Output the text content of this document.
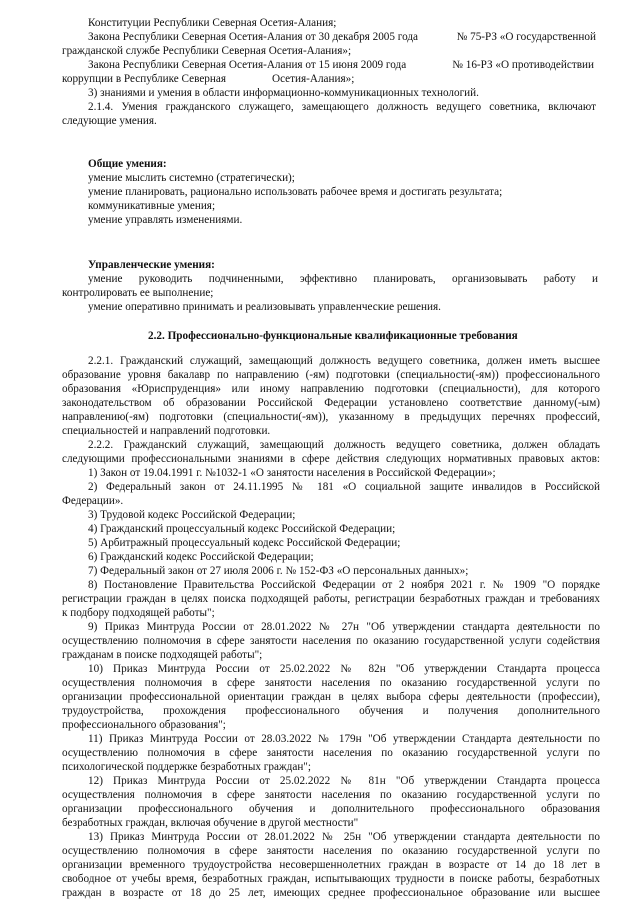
Конституции Республики Северная Осетия-Алания;
Закона Республики Северная Осетия-Алания от 30 декабря 2005 года	№ 75-РЗ «О государственной
гражданской службе Республики Северная Осетия-Алания»;
Закона Республики Северная Осетия-Алания от 15 июня 2009 года	№ 16-РЗ «О противодействии
коррупции в Республике Северная	Осетия-Алания»;
3) знаниями и умения в области информационно-коммуникационных технологий.
2.1.4. Умения гражданского служащего, замещающего должность ведущего советника, включают
следующие умения.
Общие умения:
умение мыслить системно (стратегически);
умение планировать, рационально использовать рабочее время и достигать результата;
коммуникативные умения;
умение управлять изменениями.
Управленческие умения:
умение руководить подчиненными, эффективно планировать, организовывать работу и
контролировать ее выполнение;
умение оперативно принимать и реализовывать управленческие решения.
2.2. Профессионально-функциональные квалификационные требования
2.2.1. Гражданский служащий, замещающий должность ведущего советника, должен иметь высшее
образование уровня бакалавр по направлению (-ям) подготовки (специальности(-ям)) профессионального
образования «Юриспруденция» или иному направлению подготовки (специальности), для которого
законодательством об образовании Российской Федерации установлено соответствие данному(-ым)
направлению(-ям) подготовки (специальности(-ям)), указанному в предыдущих перечнях профессий,
специальностей и направлений подготовки.
2.2.2. Гражданский служащий, замещающий должность ведущего советника, должен обладать
следующими профессиональными знаниями в сфере действия следующих нормативных правовых актов:
1) Закон от 19.04.1991 г. №1032-1 «О занятости населения в Российской Федерации»;
2) Федеральный закон от 24.11.1995 № 181 «О социальной защите инвалидов в Российской
Федерации».
3) Трудовой кодекс Российской Федерации;
4) Гражданский процессуальный кодекс Российской Федерации;
5) Арбитражный процессуальный кодекс Российской Федерации;
6) Гражданский кодекс Российской Федерации;
7) Федеральный закон от 27 июля 2006 г. № 152-ФЗ «О персональных данных»;
8) Постановление Правительства Российской Федерации от 2 ноября 2021 г. № 1909 "О порядке
регистрации граждан в целях поиска подходящей работы, регистрации безработных граждан и требованиях
к подбору подходящей работы";
9) Приказ Минтруда России от 28.01.2022 № 27н "Об утверждении стандарта деятельности по
осуществлению полномочия в сфере занятости населения по оказанию государственной услуги содействия
гражданам в поиске подходящей работы";
10) Приказ Минтруда России от 25.02.2022 № 82н "Об утверждении Стандарта процесса
осуществления полномочия в сфере занятости населения по оказанию государственной услуги по
организации профессиональной ориентации граждан в целях выбора сферы деятельности (профессии),
трудоустройства, прохождения профессионального обучения и получения дополнительного
профессионального образования";
11) Приказ Минтруда России от 28.03.2022 № 179н "Об утверждении Стандарта деятельности по
осуществлению полномочия в сфере занятости населения по оказанию государственной услуги по
психологической поддержке безработных граждан";
12) Приказ Минтруда России от 25.02.2022 № 81н "Об утверждении Стандарта процесса
осуществления полномочия в сфере занятости населения по оказанию государственной услуги по
организации профессионального обучения и дополнительного профессионального образования
безработных граждан, включая обучение в другой местности"
13) Приказ Минтруда России от 28.01.2022 № 25н "Об утверждении стандарта деятельности по
осуществлению полномочия в сфере занятости населения по оказанию государственной услуги по
организации временного трудоустройства несовершеннолетних граждан в возрасте от 14 до 18 лет в
свободное от учебы время, безработных граждан, испытывающих трудности в поиске работы, безработных
граждан в возрасте от 18 до 25 лет, имеющих среднее профессиональное образование или высшее
